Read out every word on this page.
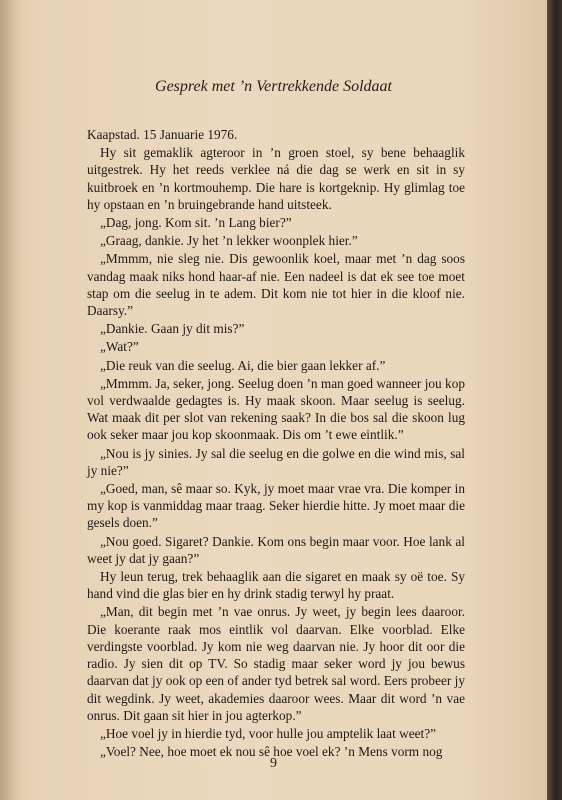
Gesprek met ’n Vertrekkende Soldaat

Kaapstad. 15 Januarie 1976.

Hy sit gemaklik agteroor in ’n groen stoel, sy bene behaaglik uitgestrek. Hy het reeds verklee ná die dag se werk en sit in sy kuitbroek en ’n kortmouhemp. Die hare is kortgeknip. Hy glimlag toe hy opstaan en ’n bruingebrande hand uitsteek.

„Dag, jong. Kom sit. ’n Lang bier?”

„Graag, dankie. Jy het ’n lekker woonplek hier.”

„Mmmm, nie sleg nie. Dis gewoonlik koel, maar met ’n dag soos vandag maak niks hond haar-af nie. Een nadeel is dat ek see toe moet stap om die seelug in te adem. Dit kom nie tot hier in die kloof nie. Daarsy.”

„Dankie. Gaan jy dit mis?”

„Wat?”

„Die reuk van die seelug. Ai, die bier gaan lekker af.”

„Mmmm. Ja, seker, jong. Seelug doen ’n man goed wanneer jou kop vol verdwaalde gedagtes is. Hy maak skoon. Maar seelug is seelug. Wat maak dit per slot van rekening saak? In die bos sal die skoon lug ook seker maar jou kop skoonmaak. Dis om ’t ewe eintlik.”

„Nou is jy sinies. Jy sal die seelug en die golwe en die wind mis, sal jy nie?”

„Goed, man, sê maar so. Kyk, jy moet maar vrae vra. Die komper in my kop is vanmiddag maar traag. Seker hierdie hitte. Jy moet maar die gesels doen.”

„Nou goed. Sigaret? Dankie. Kom ons begin maar voor. Hoe lank al weet jy dat jy gaan?”

Hy leun terug, trek behaaglik aan die sigaret en maak sy oë toe. Sy hand vind die glas bier en hy drink stadig terwyl hy praat.

„Man, dit begin met ’n vae onrus. Jy weet, jy begin lees daaroor. Die koerante raak mos eintlik vol daarvan. Elke voorblad. Elke verdingste voorblad. Jy kom nie weg daarvan nie. Jy hoor dit oor die radio. Jy sien dit op TV. So stadig maar seker word jy jou bewus daarvan dat jy ook op een of ander tyd betrek sal word. Eers probeer jy dit wegdink. Jy weet, akademies daaroor wees. Maar dit word ’n vae onrus. Dit gaan sit hier in jou agterkop.”

„Hoe voel jy in hierdie tyd, voor hulle jou amptelik laat weet?”

„Voel? Nee, hoe moet ek nou sê hoe voel ek? ’n Mens vorm nog

9
